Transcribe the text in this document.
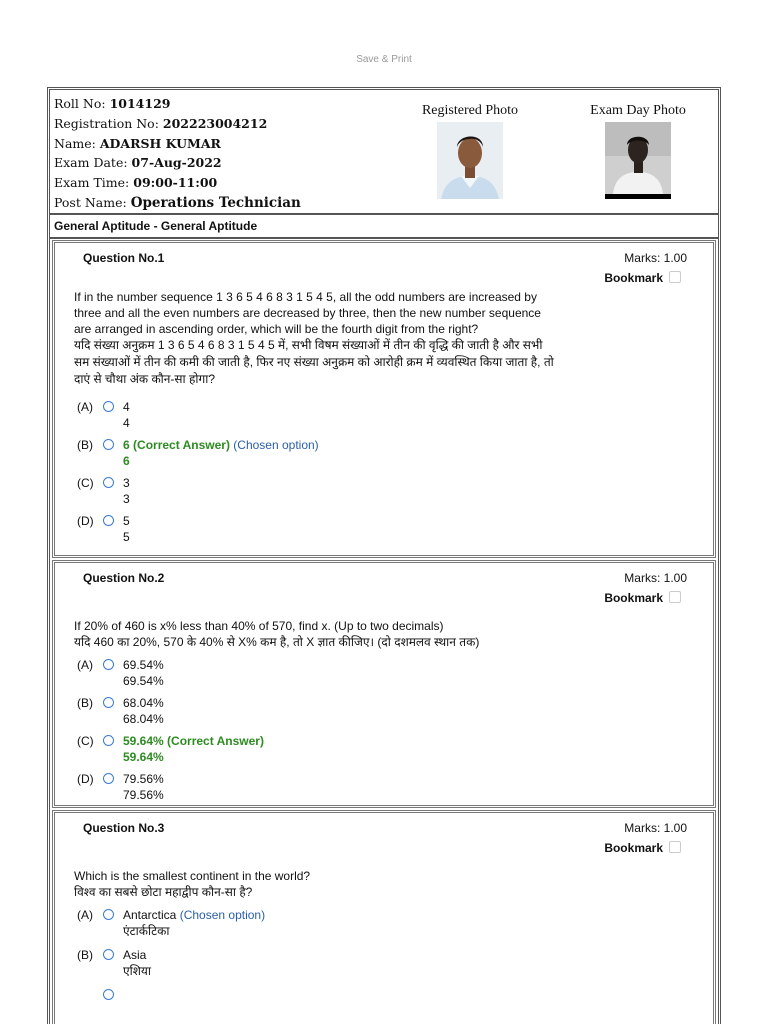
Save & Print
Roll No: 1014129
Registration No: 202223004212
Name: ADARSH KUMAR
Exam Date: 07-Aug-2022
Exam Time: 09:00-11:00
Post Name: Operations Technician
Registered Photo	Exam Day Photo
General Aptitude - General Aptitude
Question No.1	Marks: 1.00
Bookmark
If in the number sequence 1 3 6 5 4 6 8 3 1 5 4 5, all the odd numbers are increased by
three and all the even numbers are decreased by three, then the new number sequence
are arranged in ascending order, which will be the fourth digit from the right?
यदि संख्या अनुक्रम 1 3 6 5 4 6 8 3 1 5 4 5 में, सभी विषम संख्याओं में तीन की वृद्धि की जाती है और सभी
सम संख्याओं में तीन की कमी की जाती है, फिर नए संख्या अनुक्रम को आरोही क्रम में व्यवस्थित किया जाता है, तो
दाएं से चौथा अंक कौन-सा होगा?
(A)	4
4
(B)	6 (Correct Answer) (Chosen option)
6
(C)	3
3
(D)	5
5
Question No.2	Marks: 1.00
Bookmark
If 20% of 460 is x% less than 40% of 570, find x. (Up to two decimals)
यदि 460 का 20%, 570 के 40% से X% कम है, तो X ज्ञात कीजिए। (दो दशमलव स्थान तक)
(A)	69.54%
69.54%
(B)	68.04%
68.04%
(C)	59.64% (Correct Answer)
59.64%
(D)	79.56%
79.56%
Question No.3	Marks: 1.00
Bookmark
Which is the smallest continent in the world?
विश्व का सबसे छोटा महाद्वीप कौन-सा है?
(A)	Antarctica (Chosen option)
एंटार्कटिका
(B)	Asia
एशिया
